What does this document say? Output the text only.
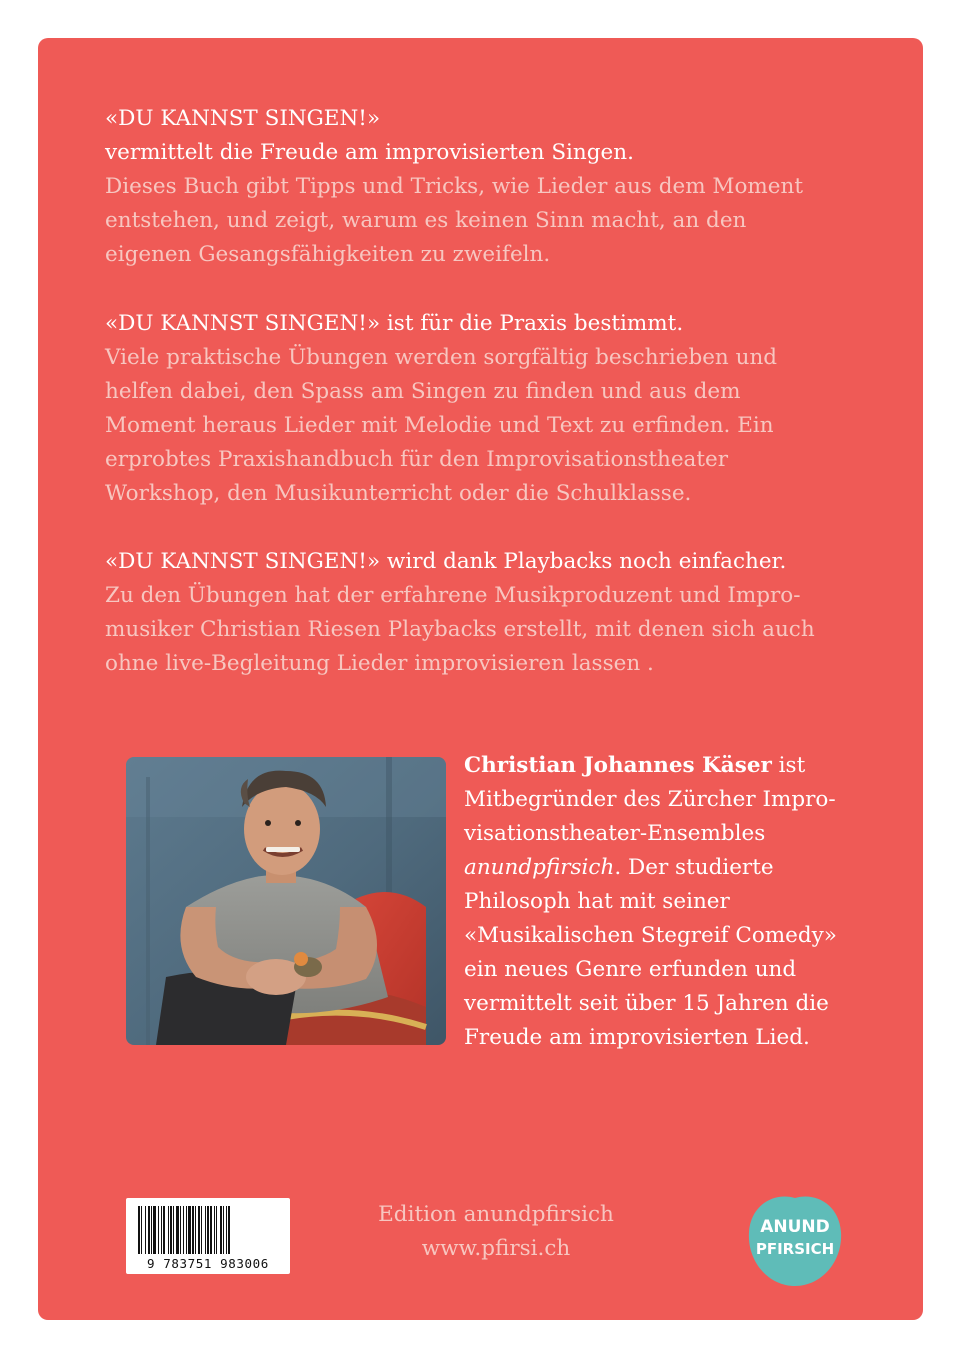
«DU KANNST SINGEN!»
vermittelt die Freude am improvisierten Singen.
Dieses Buch gibt Tipps und Tricks, wie Lieder aus dem Moment
entstehen, und zeigt, warum es keinen Sinn macht, an den
eigenen Gesangsfähigkeiten zu zweifeln.
«DU KANNST SINGEN!» ist für die Praxis bestimmt.
Viele praktische Übungen werden sorgfältig beschrieben und
helfen dabei, den Spass am Singen zu finden und aus dem
Moment heraus Lieder mit Melodie und Text zu erfinden. Ein
erprobtes Praxishandbuch für den Improvisationstheater
Workshop, den Musikunterricht oder die Schulklasse.
«DU KANNST SINGEN!» wird dank Playbacks noch einfacher.
Zu den Übungen hat der erfahrene Musikproduzent und Impro-
musiker Christian Riesen Playbacks erstellt, mit denen sich auch
ohne live-Begleitung Lieder improvisieren lassen .
Christian Johannes Käser ist
Mitbegründer des Zürcher Impro-
visationstheater-Ensembles
anundpfirsich. Der studierte
Philosoph hat mit seiner
«Musikalischen Stegreif Comedy»
ein neues Genre erfunden und
vermittelt seit über 15 Jahren die
Freude am improvisierten Lied.
9 783751 983006
Edition anundpfirsich
www.pfirsi.ch
ANUND
PFIRSICH
